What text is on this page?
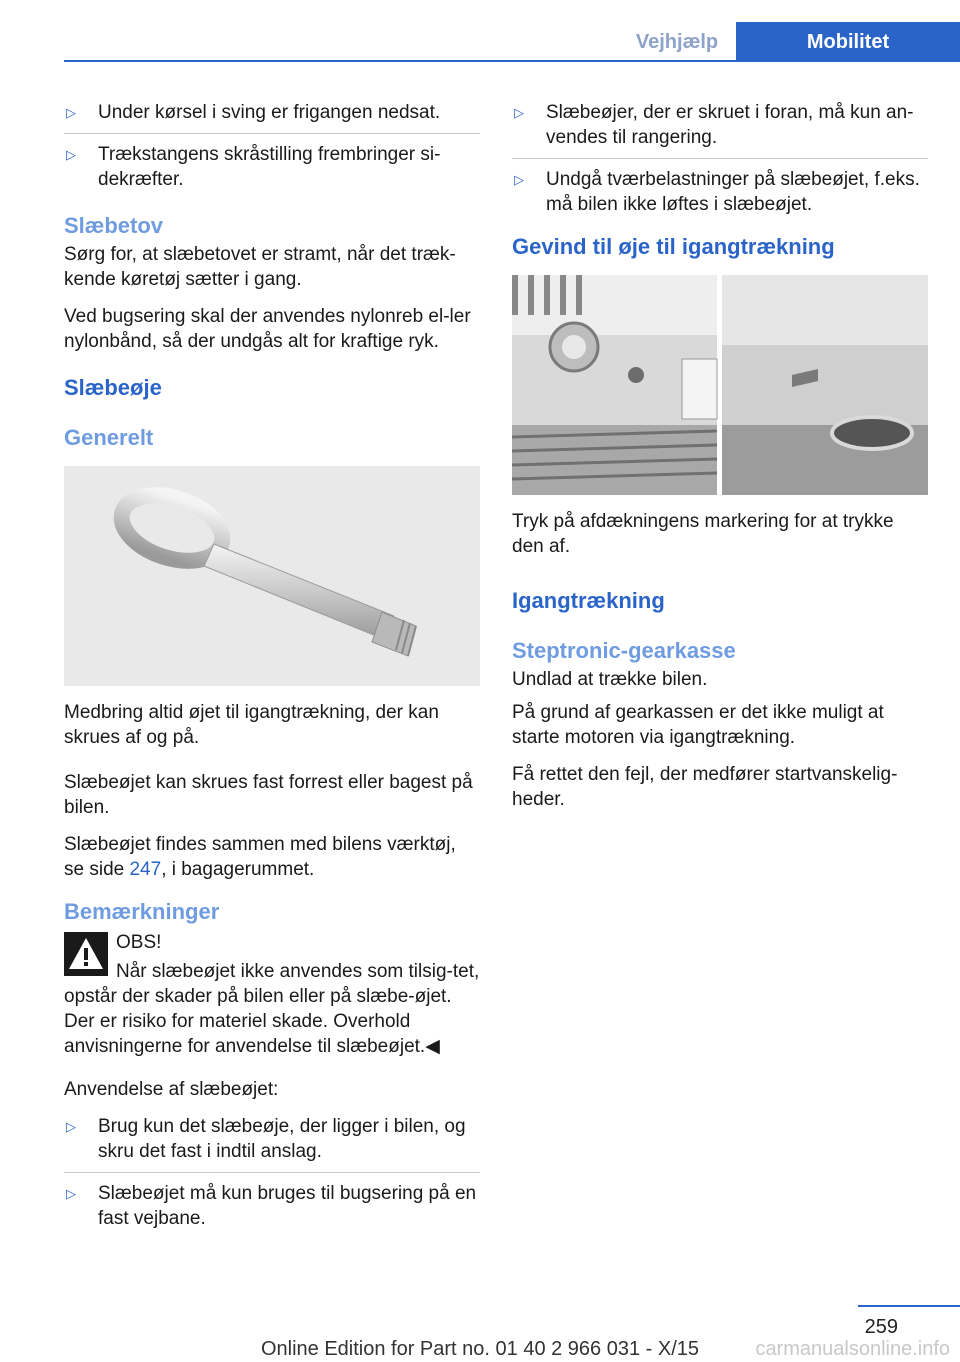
Vejhjælp	Mobilitet
▷ Under kørsel i sving er frigangen nedsat.
▷ Trækstangens skråstilling frembringer si‐dekræfter.
Slæbetov

Sørg for, at slæbetovet er stramt, når det træk‐kende køretøj sætter i gang.

Ved bugsering skal der anvendes nylonreb el‐ler nylonbånd, så der undgås alt for kraftige ryk.

Slæbeøje
Generelt

Medbring altid øjet til igangtrækning, der kan skrues af og på.

Slæbeøjet kan skrues fast forrest eller bagest på bilen.

Slæbeøjet findes sammen med bilens værktøj, se side 247, i bagagerummet.

Bemærkninger

OBS!

Når slæbeøjet ikke anvendes som tilsig‐tet, opstår der skader på bilen eller på slæbe‐øjet. Der er risiko for materiel skade. Overhold anvisningerne for anvendelse til slæbeøjet.◀

Anvendelse af slæbeøjet:

▷ Brug kun det slæbeøje, der ligger i bilen, og skru det fast i indtil anslag.
▷ Slæbeøjet må kun bruges til bugsering på en fast vejbane.
▷ Slæbeøjer, der er skruet i foran, må kun an‐vendes til rangering.
▷ Undgå tværbelastninger på slæbeøjet, f.eks. må bilen ikke løftes i slæbeøjet.
Gevind til øje til igangtrækning

Tryk på afdækningens markering for at trykke den af.

Igangtrækning
Steptronic-gearkasse

Undlad at trække bilen.

På grund af gearkassen er det ikke muligt at starte motoren via igangtrækning.

Få rettet den fejl, der medfører startvanskelig‐heder.

259
Online Edition for Part no. 01 40 2 966 031 - X/15	carmanualsonline.info
